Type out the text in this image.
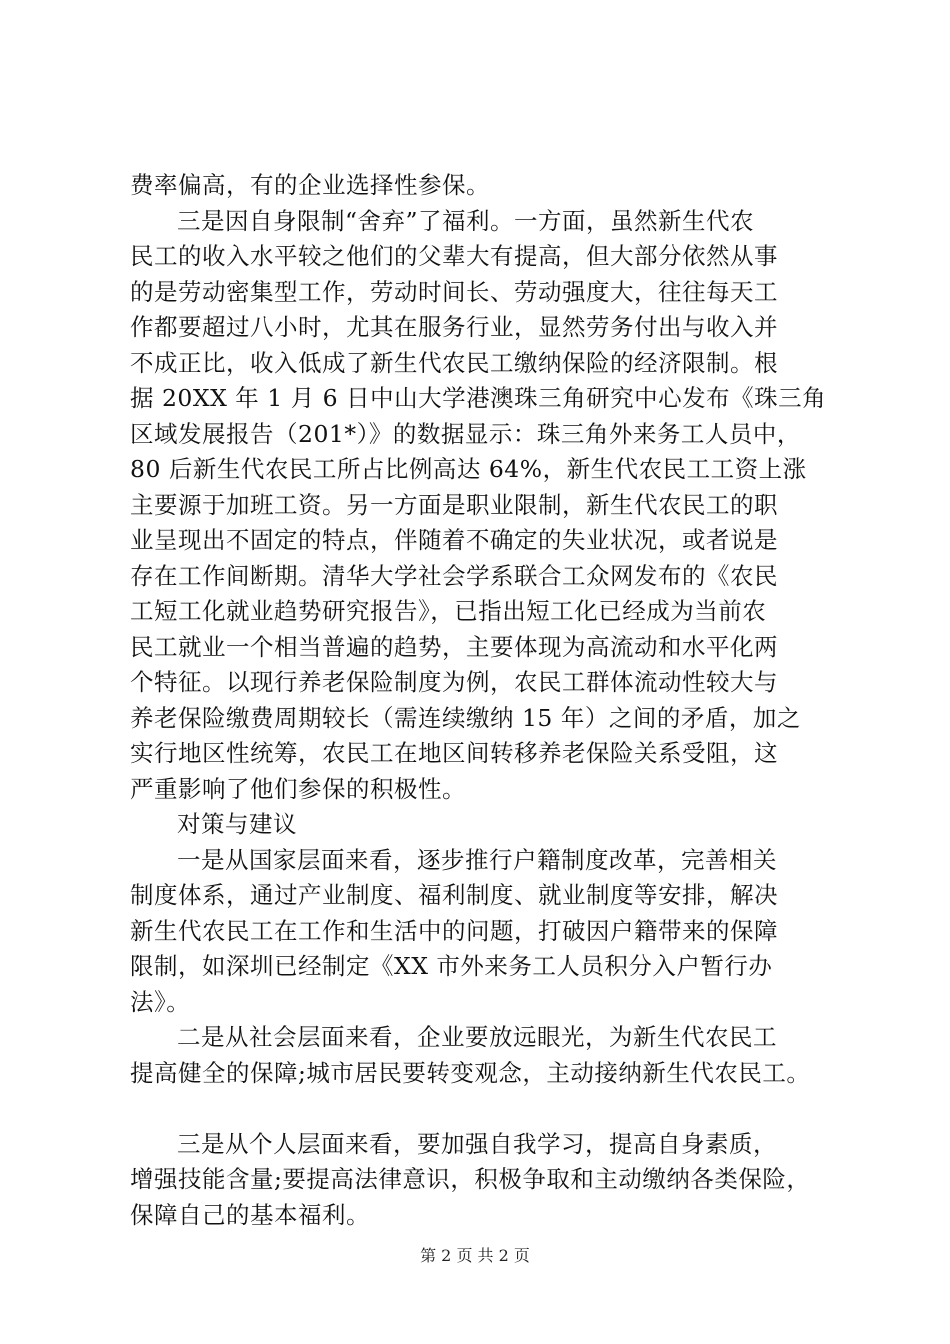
费率偏高，有的企业选择性参保。
三是因自身限制“舍弃”了福利。一方面，虽然新生代农
民工的收入水平较之他们的父辈大有提高，但大部分依然从事
的是劳动密集型工作，劳动时间长、劳动强度大，往往每天工
作都要超过八小时，尤其在服务行业，显然劳务付出与收入并
不成正比，收入低成了新生代农民工缴纳保险的经济限制。根
据 20XX 年 1 月 6 日中山大学港澳珠三角研究中心发布《珠三角
区域发展报告（201*）》的数据显示：珠三角外来务工人员中，
80 后新生代农民工所占比例高达 64%，新生代农民工工资上涨
主要源于加班工资。另一方面是职业限制，新生代农民工的职
业呈现出不固定的特点，伴随着不确定的失业状况，或者说是
存在工作间断期。清华大学社会学系联合工众网发布的《农民
工短工化就业趋势研究报告》，已指出短工化已经成为当前农
民工就业一个相当普遍的趋势，主要体现为高流动和水平化两
个特征。以现行养老保险制度为例，农民工群体流动性较大与
养老保险缴费周期较长（需连续缴纳 15 年）之间的矛盾，加之
实行地区性统筹，农民工在地区间转移养老保险关系受阻，这
严重影响了他们参保的积极性。
对策与建议
一是从国家层面来看，逐步推行户籍制度改革，完善相关
制度体系，通过产业制度、福利制度、就业制度等安排，解决
新生代农民工在工作和生活中的问题，打破因户籍带来的保障
限制，如深圳已经制定《XX 市外来务工人员积分入户暂行办
法》。
二是从社会层面来看，企业要放远眼光，为新生代农民工
提高健全的保障;城市居民要转变观念，主动接纳新生代农民工。
三是从个人层面来看，要加强自我学习，提高自身素质，
增强技能含量;要提高法律意识，积极争取和主动缴纳各类保险，
保障自己的基本福利。
第 2 页 共 2 页
